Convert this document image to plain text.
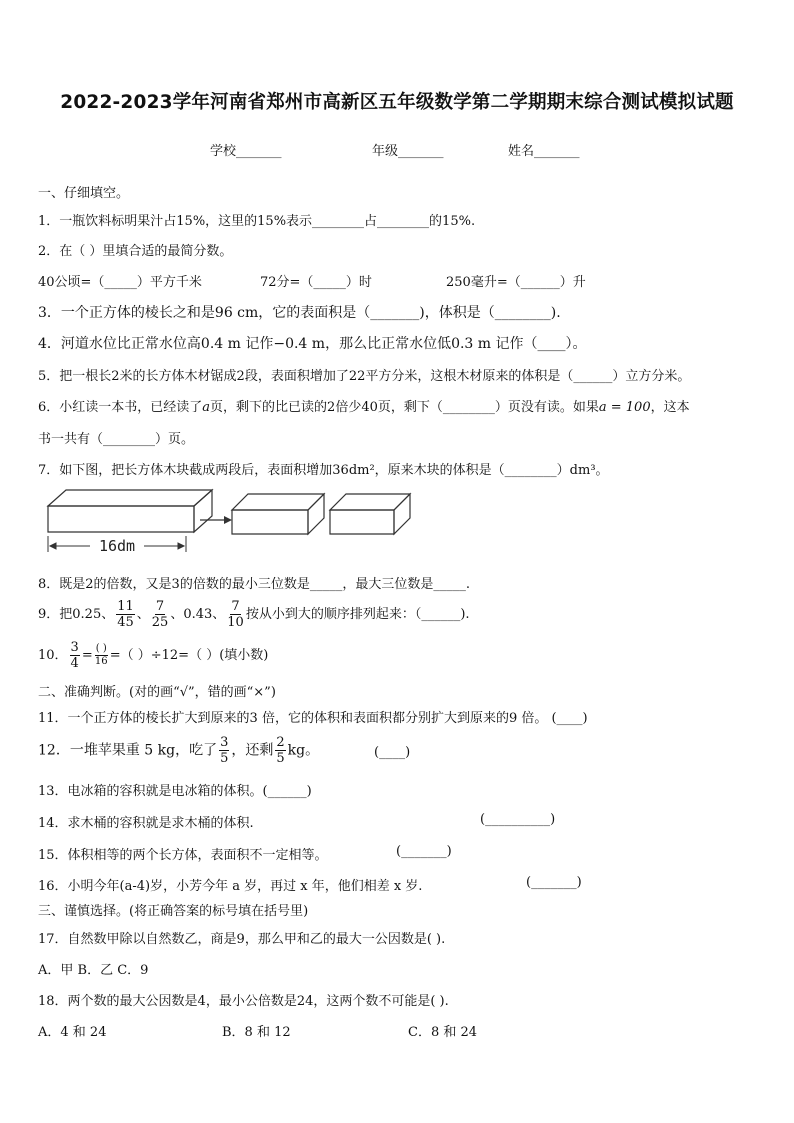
2022-2023学年河南省郑州市高新区五年级数学第二学期期末综合测试模拟试题
学校_______	年级_______	姓名_______
一、仔细填空。
1．一瓶饮料标明果汁占15%，这里的15%表示________占________的15%.
2．在（ ）里填合适的最简分数。
40公顷=（_____）平方千米	72分=（_____）时	250毫升=（______）升
3．一个正方体的棱长之和是96 cm，它的表面积是（_______)，体积是（________).
4．河道水位比正常水位高0.4 m 记作−0.4 m，那么比正常水位低0.3 m 记作（____）。
5．把一根长2米的长方体木材锯成2段，表面积增加了22平方分米，这根木材原来的体积是（______）立方分米。
6．小红读一本书，已经读了a页，剩下的比已读的2倍少40页，剩下（________）页没有读。如果a = 100，这本
书一共有（________）页。
7．如下图，把长方体木块截成两段后，表面积增加36dm²，原来木块的体积是（________）dm³。
16dm
8．既是2的倍数，又是3的倍数的最小三位数是_____，最大三位数是_____.
9．把0.25、 $\frac{11}{45}$ 、 $\frac{7}{25}$ 、0.43、 $\frac{7}{10}$ 按从小到大的顺序排列起来：（______).
10． $\frac{3}{4} = \frac{( )}{16}$ =（ ）÷12=（ ）(填小数)
二、准确判断。(对的画“√”，错的画“×”)
11．一个正方体的棱长扩大到原来的3 倍，它的体积和表面积都分别扩大到原来的9 倍。 (____)
12．一堆苹果重 5 kg，吃了 $\frac{3}{5}$ ，还剩 $\frac{2}{5}$ kg。	(____)
13．电冰箱的容积就是电冰箱的体积。(______)
14．求木桶的容积就是求木桶的体积.	(__________)
15．体积相等的两个长方体，表面积不一定相等。	(_______)
16．小明今年(a-4)岁，小芳今年 a 岁，再过 x 年，他们相差 x 岁.	(_______)
三、谨慎选择。(将正确答案的标号填在括号里)
17．自然数甲除以自然数乙，商是9，那么甲和乙的最大一公因数是( ).
A．甲 B．乙 C．9
18．两个数的最大公因数是4，最小公倍数是24，这两个数不可能是( ).
A．4 和 24	B．8 和 12	C．8 和 24
